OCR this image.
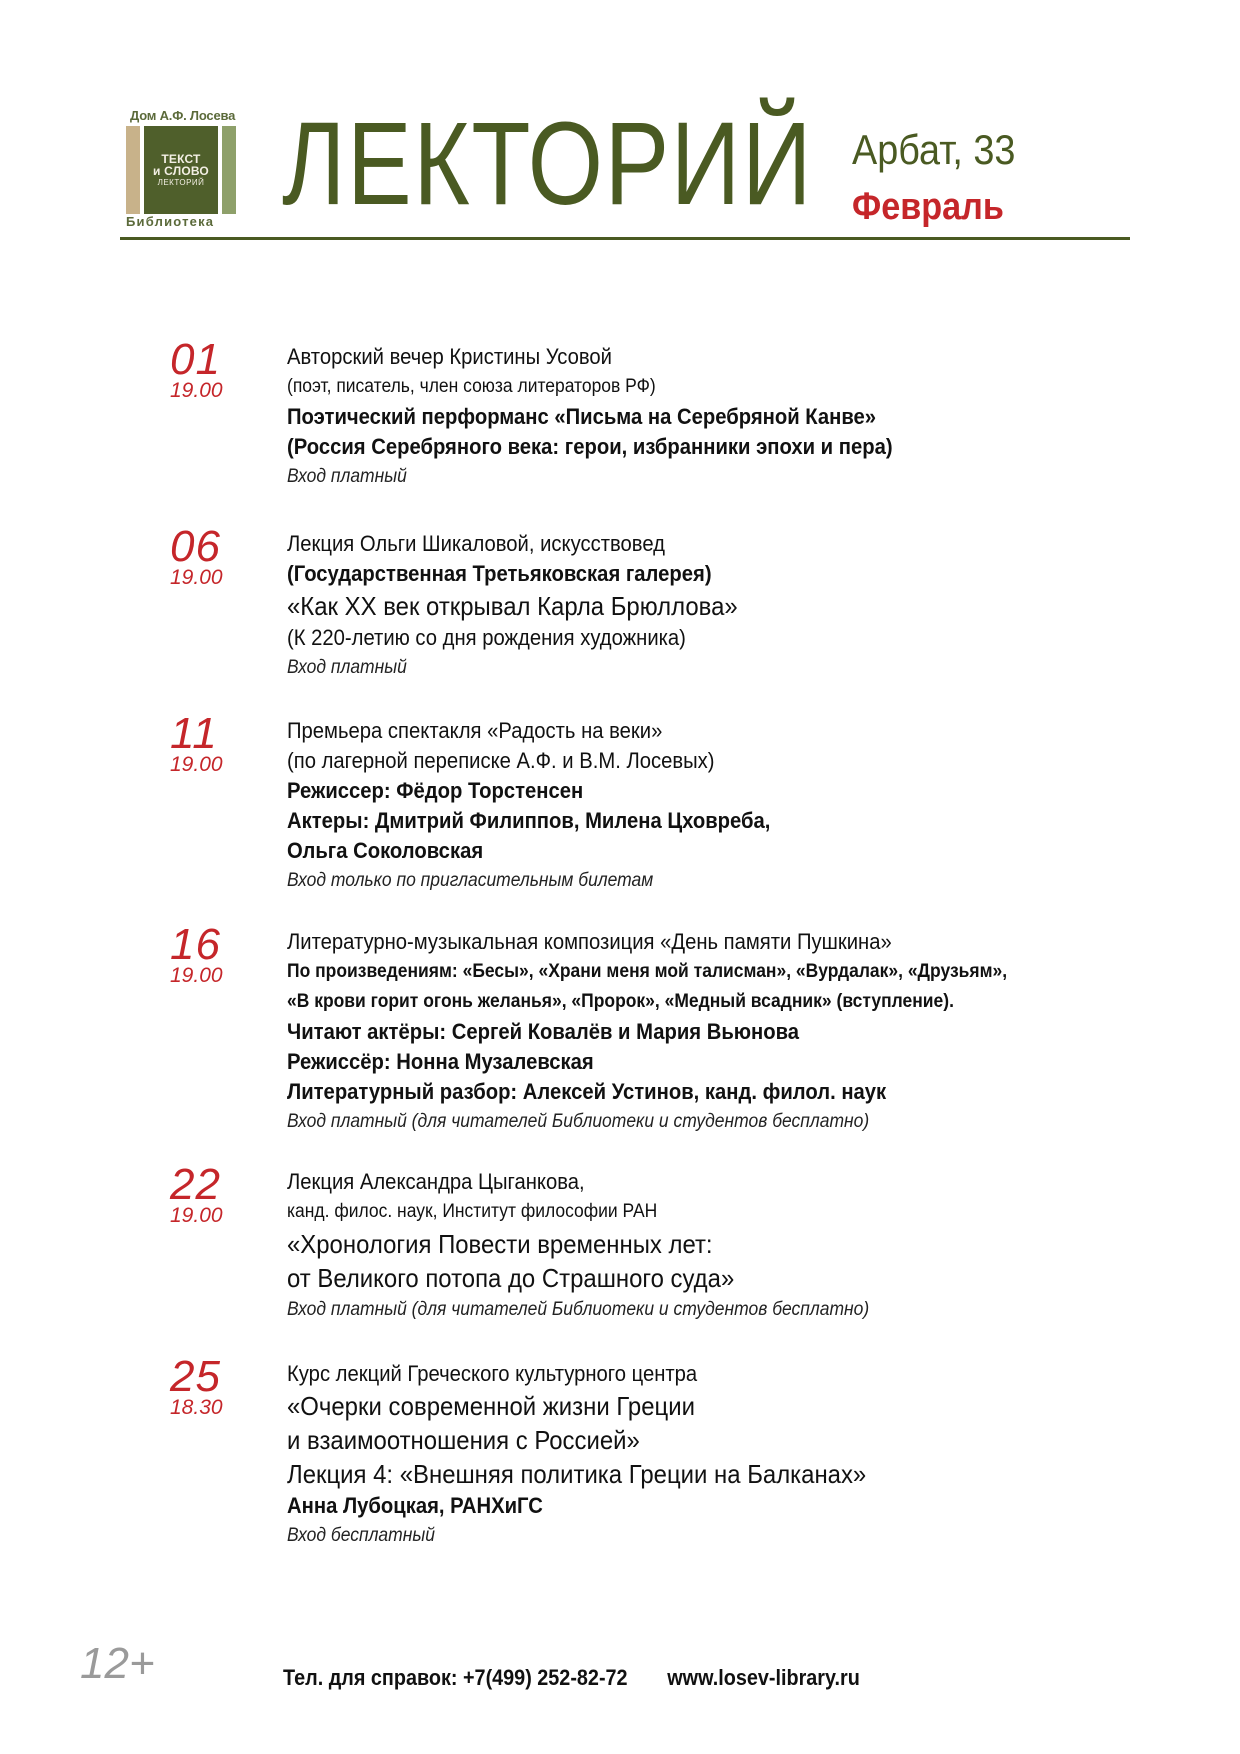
Дом А.Ф. Лосева
ТЕКСТ
и СЛОВО
ЛЕКТОРИЙ
Библиотека ЛЕКТОРИЙ Арбат, 33
Февраль
01
19.00

Авторский вечер Кристины Усовой

(поэт, писатель, член союза литераторов РФ)

Поэтический перформанс «Письма на Серебряной Канве»

(Россия Серебряного века: герои, избранники эпохи и пера)

Вход платный

06
19.00

Лекция Ольги Шикаловой, искусствовед

(Государственная Третьяковская галерея)

«Как XX век открывал Карла Брюллова»

(К 220-летию со дня рождения художника)

Вход платный

11
19.00

Премьера спектакля «Радость на веки»

(по лагерной переписке А.Ф. и В.М. Лосевых)

Режиссер: Фёдор Торстенсен

Актеры: Дмитрий Филиппов, Милена Цховреба,

Ольга Соколовская

Вход только по пригласительным билетам

16
19.00

Литературно-музыкальная композиция «День памяти Пушкина»

По произведениям: «Бесы», «Храни меня мой талисман», «Вурдалак», «Друзьям»,

«В крови горит огонь желанья», «Пророк», «Медный всадник» (вступление).

Читают актёры: Сергей Ковалёв и Мария Вьюнова

Режиссёр: Нонна Музалевская

Литературный разбор: Алексей Устинов, канд. филол. наук

Вход платный (для читателей Библиотеки и студентов бесплатно)

22
19.00

Лекция Александра Цыганкова,

канд. филос. наук, Институт философии РАН

«Хронология Повести временных лет:

от Великого потопа до Страшного суда»

Вход платный (для читателей Библиотеки и студентов бесплатно)

25
18.30

Курс лекций Греческого культурного центра

«Очерки современной жизни Греции

и взаимоотношения с Россией»

Лекция 4: «Внешняя политика Греции на Балканах»

Анна Лубоцкая, РАНХиГС

Вход бесплатный

12+	Тел. для справок: +7(499) 252-82-72 www.losev-library.ru
